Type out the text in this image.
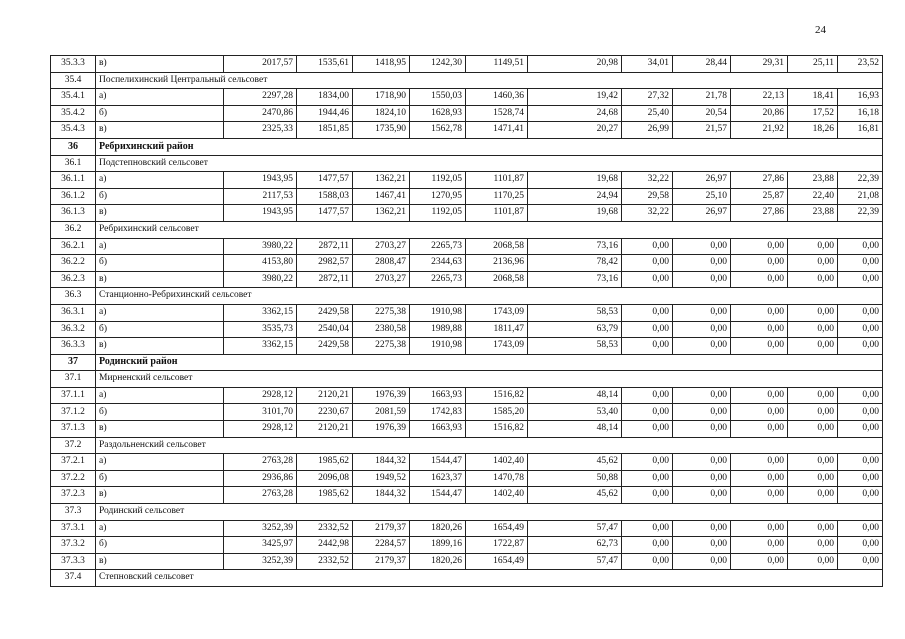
24
35.3.3	в)	2017,57	1535,61	1418,95	1242,30	1149,51	20,98	34,01	28,44	29,31	25,11	23,52
35.4	Поспелихинский Центральный сельсовет											
35.4.1	а)	2297,28	1834,00	1718,90	1550,03	1460,36	19,42	27,32	21,78	22,13	18,41	16,93
35.4.2	б)	2470,86	1944,46	1824,10	1628,93	1528,74	24,68	25,40	20,54	20,86	17,52	16,18
35.4.3	в)	2325,33	1851,85	1735,90	1562,78	1471,41	20,27	26,99	21,57	21,92	18,26	16,81
36	Ребрихинский район											
36.1	Подстепновский сельсовет											
36.1.1	а)	1943,95	1477,57	1362,21	1192,05	1101,87	19,68	32,22	26,97	27,86	23,88	22,39
36.1.2	б)	2117,53	1588,03	1467,41	1270,95	1170,25	24,94	29,58	25,10	25,87	22,40	21,08
36.1.3	в)	1943,95	1477,57	1362,21	1192,05	1101,87	19,68	32,22	26,97	27,86	23,88	22,39
36.2	Ребрихинский сельсовет											
36.2.1	а)	3980,22	2872,11	2703,27	2265,73	2068,58	73,16	0,00	0,00	0,00	0,00	0,00
36.2.2	б)	4153,80	2982,57	2808,47	2344,63	2136,96	78,42	0,00	0,00	0,00	0,00	0,00
36.2.3	в)	3980,22	2872,11	2703,27	2265,73	2068,58	73,16	0,00	0,00	0,00	0,00	0,00
36.3	Станционно-Ребрихинский сельсовет											
36.3.1	а)	3362,15	2429,58	2275,38	1910,98	1743,09	58,53	0,00	0,00	0,00	0,00	0,00
36.3.2	б)	3535,73	2540,04	2380,58	1989,88	1811,47	63,79	0,00	0,00	0,00	0,00	0,00
36.3.3	в)	3362,15	2429,58	2275,38	1910,98	1743,09	58,53	0,00	0,00	0,00	0,00	0,00
37	Родинский район											
37.1	Мирненский сельсовет											
37.1.1	а)	2928,12	2120,21	1976,39	1663,93	1516,82	48,14	0,00	0,00	0,00	0,00	0,00
37.1.2	б)	3101,70	2230,67	2081,59	1742,83	1585,20	53,40	0,00	0,00	0,00	0,00	0,00
37.1.3	в)	2928,12	2120,21	1976,39	1663,93	1516,82	48,14	0,00	0,00	0,00	0,00	0,00
37.2	Раздольненский сельсовет											
37.2.1	а)	2763,28	1985,62	1844,32	1544,47	1402,40	45,62	0,00	0,00	0,00	0,00	0,00
37.2.2	б)	2936,86	2096,08	1949,52	1623,37	1470,78	50,88	0,00	0,00	0,00	0,00	0,00
37.2.3	в)	2763,28	1985,62	1844,32	1544,47	1402,40	45,62	0,00	0,00	0,00	0,00	0,00
37.3	Родинский сельсовет											
37.3.1	а)	3252,39	2332,52	2179,37	1820,26	1654,49	57,47	0,00	0,00	0,00	0,00	0,00
37.3.2	б)	3425,97	2442,98	2284,57	1899,16	1722,87	62,73	0,00	0,00	0,00	0,00	0,00
37.3.3	в)	3252,39	2332,52	2179,37	1820,26	1654,49	57,47	0,00	0,00	0,00	0,00	0,00
37.4	Степновский сельсовет											
